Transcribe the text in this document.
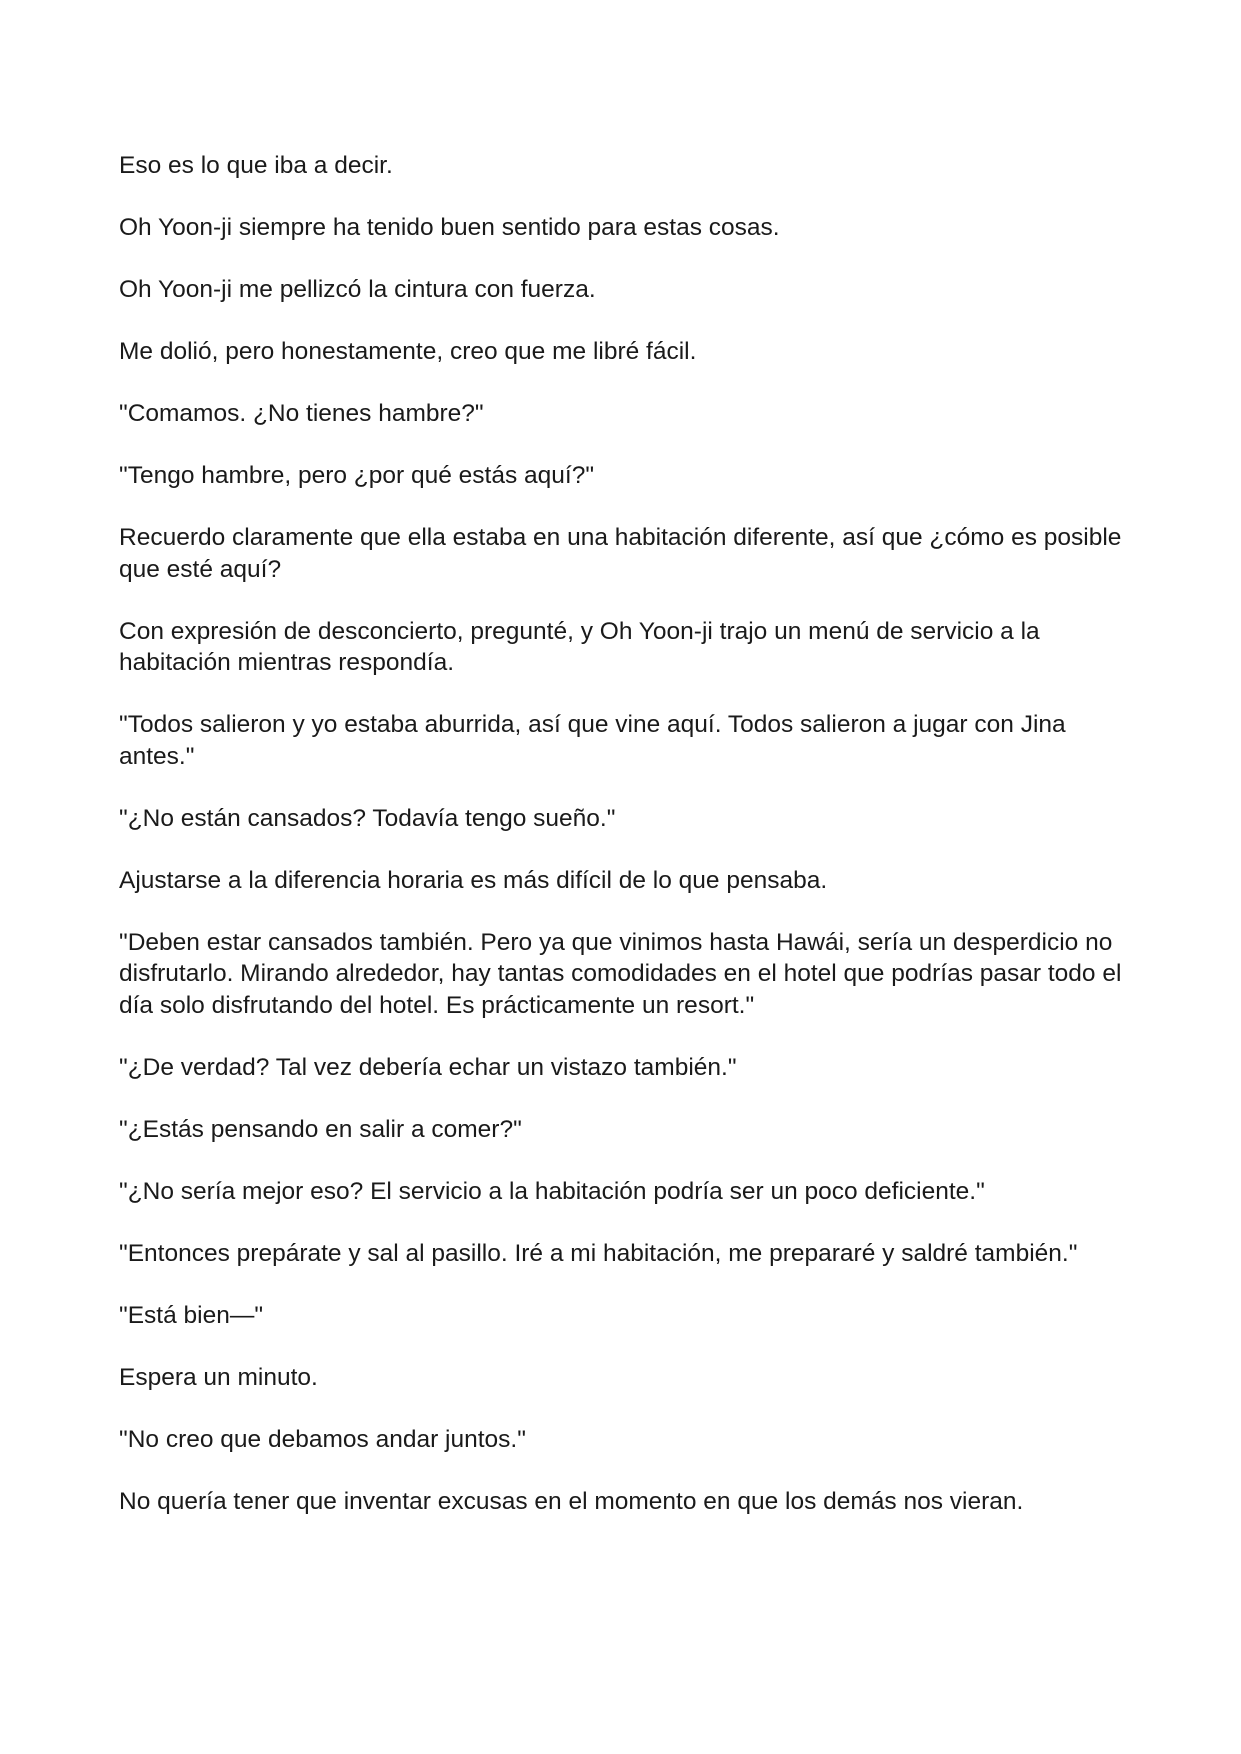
Eso es lo que iba a decir.

Oh Yoon-ji siempre ha tenido buen sentido para estas cosas.

Oh Yoon-ji me pellizcó la cintura con fuerza.

Me dolió, pero honestamente, creo que me libré fácil.

"Comamos. ¿No tienes hambre?"

"Tengo hambre, pero ¿por qué estás aquí?"

Recuerdo claramente que ella estaba en una habitación diferente, así que ¿cómo es posible que esté aquí?

Con expresión de desconcierto, pregunté, y Oh Yoon-ji trajo un menú de servicio a la habitación mientras respondía.

"Todos salieron y yo estaba aburrida, así que vine aquí. Todos salieron a jugar con Jina antes."

"¿No están cansados? Todavía tengo sueño."

Ajustarse a la diferencia horaria es más difícil de lo que pensaba.

"Deben estar cansados también. Pero ya que vinimos hasta Hawái, sería un desperdicio no disfrutarlo. Mirando alrededor, hay tantas comodidades en el hotel que podrías pasar todo el día solo disfrutando del hotel. Es prácticamente un resort."

"¿De verdad? Tal vez debería echar un vistazo también."

"¿Estás pensando en salir a comer?"

"¿No sería mejor eso? El servicio a la habitación podría ser un poco deficiente."

"Entonces prepárate y sal al pasillo. Iré a mi habitación, me prepararé y saldré también."

"Está bien—"

Espera un minuto.

"No creo que debamos andar juntos."

No quería tener que inventar excusas en el momento en que los demás nos vieran.
